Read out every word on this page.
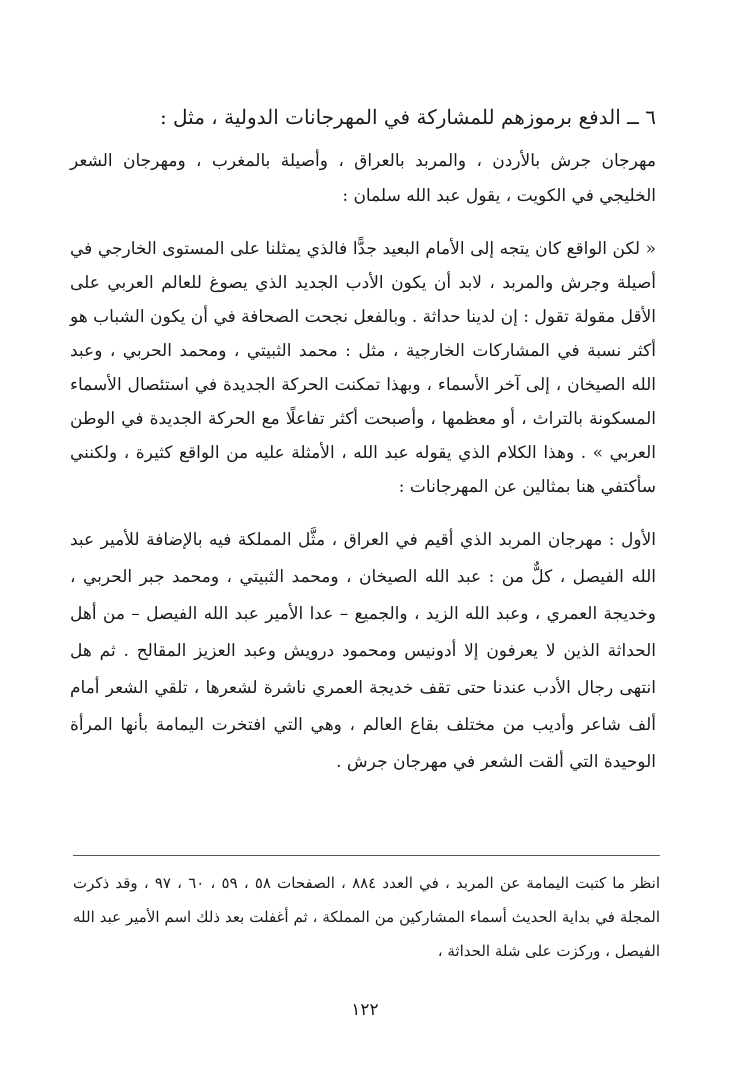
٦ ــ الدفع برموزهم للمشاركة في المهرجانات الدولية ، مثل :

مهرجان جرش بالأردن ، والمربد بالعراق ، وأصيلة بالمغرب ، ومهرجان الشعر الخليجي في الكويت ، يقول عبد الله سلمان :

« لكن الواقع كان يتجه إلى الأمام البعيد جدًّا فالذي يمثلنا على المستوى الخارجي في أصيلة وجرش والمربد ، لابد أن يكون الأدب الجديد الذي يصوغ للعالم العربي على الأقل مقولة تقول : إن لدينا حداثة . وبالفعل نجحت الصحافة في أن يكون الشباب هو أكثر نسبة في المشاركات الخارجية ، مثل : محمد الثبيتي ، ومحمد الحربي ، وعبد الله الصيخان ، إلى آخر الأسماء ، وبهذا تمكنت الحركة الجديدة في استئصال الأسماء المسكونة بالتراث ، أو معظمها ، وأصبحت أكثر تفاعلًا مع الحركة الجديدة في الوطن العربي » . وهذا الكلام الذي يقوله عبد الله ، الأمثلة عليه من الواقع كثيرة ، ولكنني سأكتفي هنا بمثالين عن المهرجانات :

الأول : مهرجان المربد الذي أقيم في العراق ، مثَّل المملكة فيه بالإضافة للأمير عبد الله الفيصل ، كلٌّ من : عبد الله الصيخان ، ومحمد الثبيتي ، ومحمد جبر الحربي ، وخديجة العمري ، وعبد الله الزيد ، والجميع – عدا الأمير عبد الله الفيصل – من أهل الحداثة الذين لا يعرفون إلا أدونيس ومحمود درويش وعبد العزيز المقالح . ثم هل انتهى رجال الأدب عندنا حتى تقف خديجة العمري ناشرة لشعرها ، تلقي الشعر أمام ألف شاعر وأديب من مختلف بقاع العالم ، وهي التي افتخرت اليمامة بأنها المرأة الوحيدة التي ألقت الشعر في مهرجان جرش .

انظر ما كتبت اليمامة عن المربد ، في العدد ٨٨٤ ، الصفحات ٥٨ ، ٥٩ ، ٦٠ ، ٩٧ ، وقد ذكرت المجلة في بداية الحديث أسماء المشاركين من المملكة ، ثم أغفلت بعد ذلك اسم الأمير عبد الله الفيصل ، وركزت على شلة الحداثة ،

١٢٢
